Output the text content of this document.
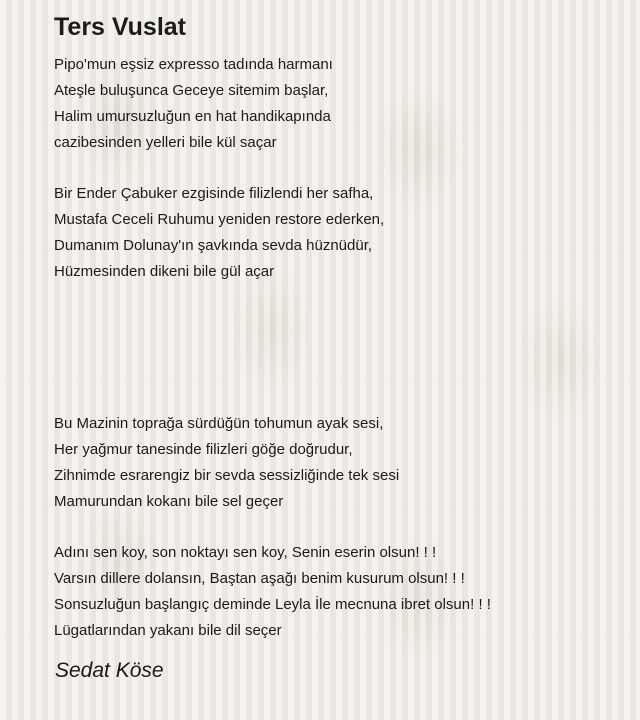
Ters Vuslat
Pipo'mun eşsiz expresso tadında harmanı
Ateşle buluşunca Geceye sitemim başlar,
Halim umursuzluğun en hat handikapında
cazibesinden yelleri bile kül saçar
Bir Ender Çabuker ezgisinde filizlendi her safha,
Mustafa Ceceli Ruhumu yeniden restore ederken,
Dumanım Dolunay'ın şavkında sevda hüznüdür,
Hüzmesinden dikeni bile gül açar
Bu Mazinin toprağa sürdüğün tohumun ayak sesi,
Her yağmur tanesinde filizleri göğe doğrudur,
Zihnimde esrarengiz bir sevda sessizliğinde tek sesi
Mamurundan kokanı bile sel geçer
Adını sen koy, son noktayı sen koy, Senin eserin olsun! ! !
Varsın dillere dolansın, Baştan aşağı benim kusurum olsun! ! !
Sonsuzluğun başlangıç deminde Leyla İle mecnuna ibret olsun! ! !
Lügatlarından yakanı bile dil seçer

Sedat Köse
